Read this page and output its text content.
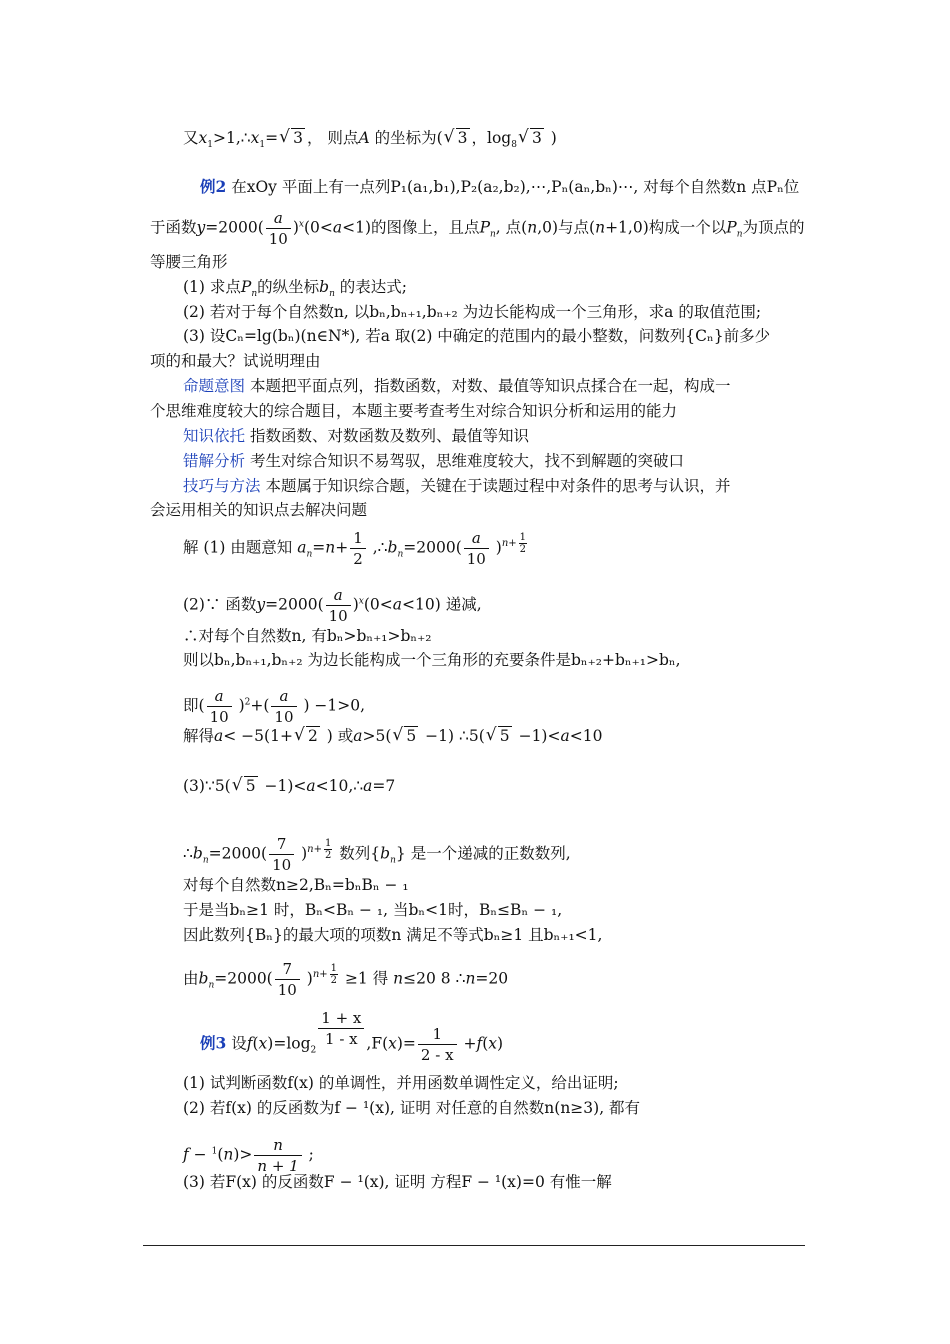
又$x_1>1,\therefore x_1=√$ 3 ， 则点A 的坐标为(√ 3 ，$\log_8√$ 3 )
例2 在xOy 平面上有一点列P₁(a₁,b₁),P₂(a₂,b₂),⋯,Pₙ(aₙ,bₙ)⋯, 对每个自然数n 点Pₙ位
于函数$y=2000( \frac{a}{10} )^x(0<a<1)$的图像上，且点$P_n$, 点(n,0)与点(n+1,0)构成一个以$P_n$为顶点的
等腰三角形
(1) 求点$P_n$的纵坐标$b_n$ 的表达式;
(2) 若对于每个自然数n, 以bₙ,bₙ₊₁,bₙ₊₂ 为边长能构成一个三角形，求a 的取值范围;
(3) 设Cₙ=lg(bₙ)(n∈N*), 若a 取(2) 中确定的范围内的最小整数，问数列{Cₙ}前多少
项的和最大？试说明理由
命题意图 本题把平面点列，指数函数，对数、最值等知识点揉合在一起，构成一
个思维难度较大的综合题目，本题主要考查考生对综合知识分析和运用的能力
知识依托 指数函数、对数函数及数列、最值等知识
错解分析 考生对综合知识不易驾驭，思维难度较大，找不到解题的突破口
技巧与方法 本题属于知识综合题，关键在于读题过程中对条件的思考与认识，并
会运用相关的知识点去解决问题
解 (1) 由题意知 $a_n=n+ \frac{1}{2}$ $,\therefore b_n=2000( \frac{a}{10} )n+ \frac{1}{2}$
(2)∵ 函数$y=2000( \frac{a}{10} )^x(0<a<10)$ 递减,
∴对每个自然数n, 有bₙ>bₙ₊₁>bₙ₊₂
则以bₙ,bₙ₊₁,bₙ₊₂ 为边长能构成一个三角形的充要条件是bₙ₊₂+bₙ₊₁>bₙ,
即( $\frac{a}{10} )^2+( \frac{a}{10}$ ) −1>0,
解得a< −5(1+√ 2 ) 或a>5(√ 5 −1) ∴5(√ 5 −1)<a<10
(3)∵5(√ 5 −1)<a<10,∴a=7
$\therefore b_n=2000( \frac{7}{10} )n+ \frac{1}{2}$ 数列$\{b_n\}$ 是一个递减的正数数列,
对每个自然数n≥2,Bₙ=bₙBₙ − ₁
于是当bₙ≥1 时，Bₙ<Bₙ − ₁, 当bₙ<1时，Bₙ≤Bₙ − ₁,
因此数列{Bₙ}的最大项的项数n 满足不等式bₙ≥1 且bₙ₊₁<1,
由$b_n=2000( \frac{7}{10} )n+ \frac{1}{2} \ge 1$ 得 n≤20 8 ∴n=20
例3 设$f(x)=\log_2$
$\frac{1 + x}{1 - x} ,F(x)= \frac{1}{2 - x} +f(x)$
(1) 试判断函数f(x) 的单调性，并用函数单调性定义，给出证明;
(2) 若f(x) 的反函数为f − ¹(x), 证明 对任意的自然数n(n≥3), 都有
$f - ^1(n)> \frac{n}{n + 1}$ ;
(3) 若F(x) 的反函数F − ¹(x), 证明 方程F − ¹(x)=0 有惟一解
